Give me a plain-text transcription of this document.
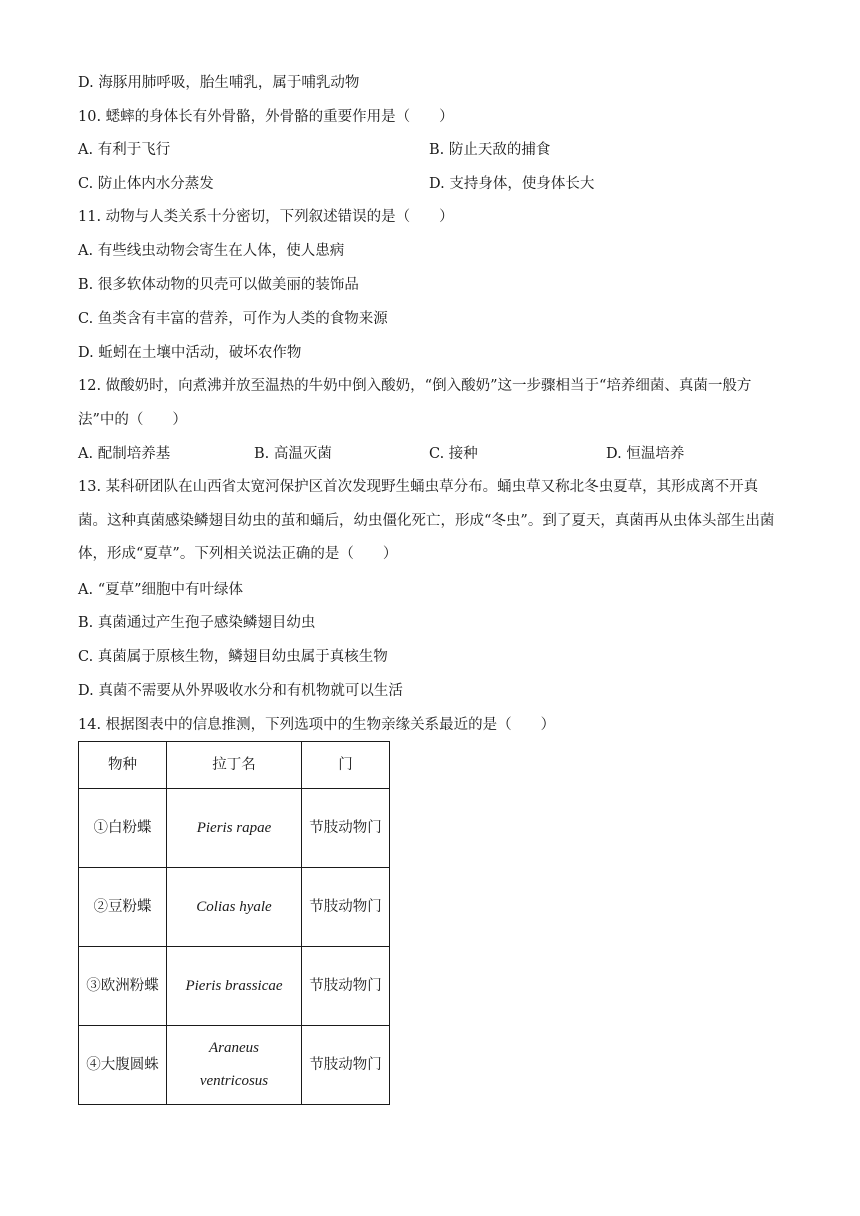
D. 海豚用肺呼吸，胎生哺乳，属于哺乳动物
10. 蟋蟀的身体长有外骨骼，外骨骼的重要作用是（　　）
A. 有利于飞行	B. 防止天敌的捕食
C. 防止体内水分蒸发	D. 支持身体，使身体长大
11. 动物与人类关系十分密切，下列叙述错误的是（　　）
A. 有些线虫动物会寄生在人体，使人患病
B. 很多软体动物的贝壳可以做美丽的装饰品
C. 鱼类含有丰富的营养，可作为人类的食物来源
D. 蚯蚓在土壤中活动，破坏农作物
12. 做酸奶时，向煮沸并放至温热的牛奶中倒入酸奶，“倒入酸奶”这一步骤相当于“培养细菌、真菌一般方法”中的（　　）
A. 配制培养基	B. 高温灭菌	C. 接种	D. 恒温培养
13. 某科研团队在山西省太宽河保护区首次发现野生蛹虫草分布。蛹虫草又称北冬虫夏草，其形成离不开真菌。这种真菌感染鳞翅目幼虫的茧和蛹后，幼虫僵化死亡，形成“冬虫”。到了夏天，真菌再从虫体头部生出菌体，形成“夏草”。下列相关说法正确的是（　　）
A. “夏草”细胞中有叶绿体
B. 真菌通过产生孢子感染鳞翅目幼虫
C. 真菌属于原核生物，鳞翅目幼虫属于真核生物
D. 真菌不需要从外界吸收水分和有机物就可以生活
14. 根据图表中的信息推测，下列选项中的生物亲缘关系最近的是（　　）
物种	拉丁名	门
①白粉蝶	Pieris rapae	节肢动物门
②豆粉蝶	Colias hyale	节肢动物门
③欧洲粉蝶	Pieris brassicae	节肢动物门
④大腹圆蛛	Araneus ventricosus	节肢动物门
